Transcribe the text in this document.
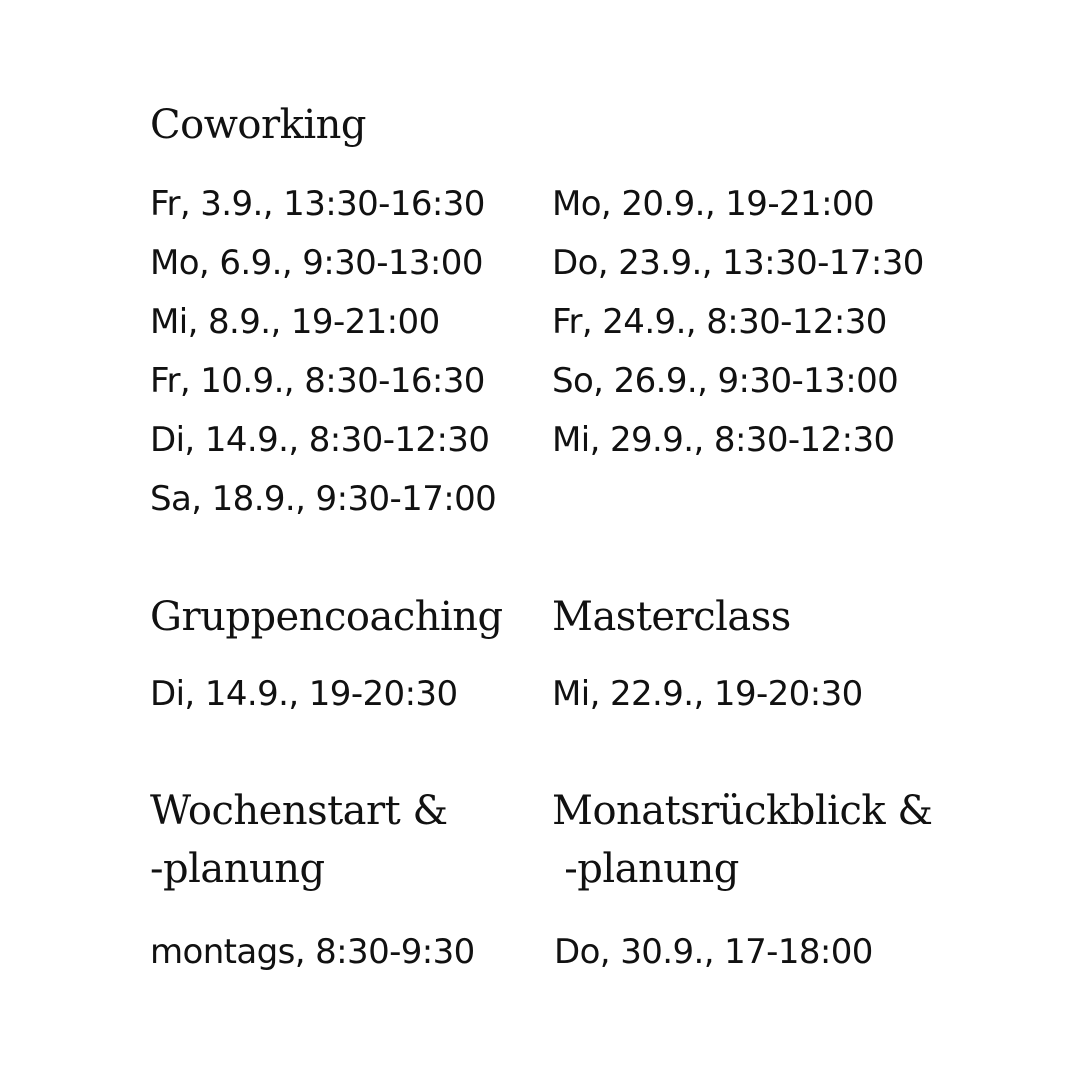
Coworking
Fr, 3.9., 13:30-16:30
Mo, 6.9., 9:30-13:00
Mi, 8.9., 19-21:00
Fr, 10.9., 8:30-16:30
Di, 14.9., 8:30-12:30
Sa, 18.9., 9:30-17:00
Mo, 20.9., 19-21:00
Do, 23.9., 13:30-17:30
Fr, 24.9., 8:30-12:30
So, 26.9., 9:30-13:00
Mi, 29.9., 8:30-12:30
Gruppencoaching

Di, 14.9., 19-20:30

Masterclass

Mi, 22.9., 19-20:30

Wochenstart &
-planung

montags, 8:30-9:30

Monatsrückblick &
-planung

Do, 30.9., 17-18:00
